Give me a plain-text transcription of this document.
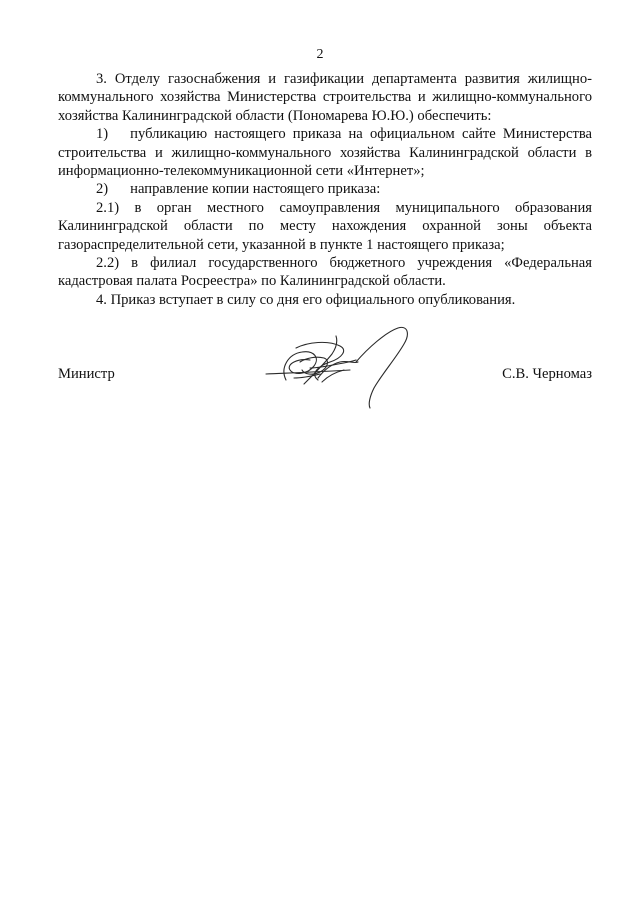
2

3. Отделу газоснабжения и газификации департамента развития жилищно-коммунального хозяйства Министерства строительства и жилищно-коммунального хозяйства Калининградской области (Пономарева Ю.Ю.) обеспечить:

1) публикацию настоящего приказа на официальном сайте Министерства строительства и жилищно-коммунального хозяйства Калининградской области в информационно-телекоммуникационной сети «Интернет»;

2) направление копии настоящего приказа:

2.1) в орган местного самоуправления муниципального образования Калининградской области по месту нахождения охранной зоны объекта газораспределительной сети, указанной в пункте 1 настоящего приказа;

2.2) в филиал государственного бюджетного учреждения «Федеральная кадастровая палата Росреестра» по Калининградской области.

4. Приказ вступает в силу со дня его официального опубликования.

Министр	С.В. Черномаз
